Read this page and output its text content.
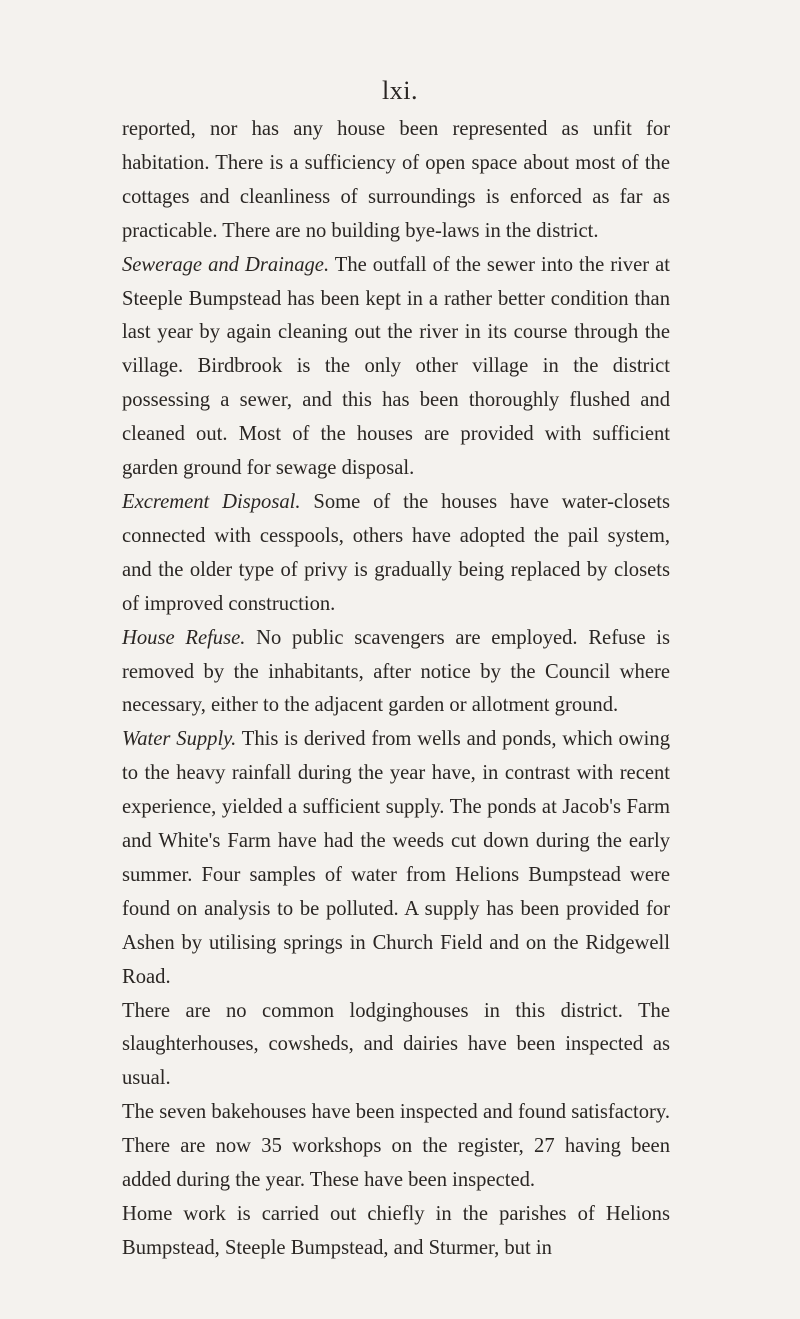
lxi.

reported, nor has any house been represented as unfit for habitation. There is a sufficiency of open space about most of the cottages and cleanliness of surroundings is enforced as far as practicable. There are no building bye-laws in the district.

Sewerage and Drainage. The outfall of the sewer into the river at Steeple Bumpstead has been kept in a rather better condition than last year by again cleaning out the river in its course through the village. Birdbrook is the only other village in the district possessing a sewer, and this has been thoroughly flushed and cleaned out. Most of the houses are provided with sufficient garden ground for sewage disposal.

Excrement Disposal. Some of the houses have water-closets connected with cesspools, others have adopted the pail system, and the older type of privy is gradually being replaced by closets of improved construction.

House Refuse. No public scavengers are employed. Refuse is removed by the inhabitants, after notice by the Council where necessary, either to the adjacent garden or allotment ground.

Water Supply. This is derived from wells and ponds, which owing to the heavy rainfall during the year have, in contrast with recent experience, yielded a sufficient supply. The ponds at Jacob's Farm and White's Farm have had the weeds cut down during the early summer. Four samples of water from Helions Bumpstead were found on analysis to be polluted. A supply has been provided for Ashen by utilising springs in Church Field and on the Ridgewell Road.

There are no common lodginghouses in this district. The slaughterhouses, cowsheds, and dairies have been inspected as usual.

The seven bakehouses have been inspected and found satisfactory. There are now 35 workshops on the register, 27 having been added during the year. These have been inspected.

Home work is carried out chiefly in the parishes of Helions Bumpstead, Steeple Bumpstead, and Sturmer, but in
